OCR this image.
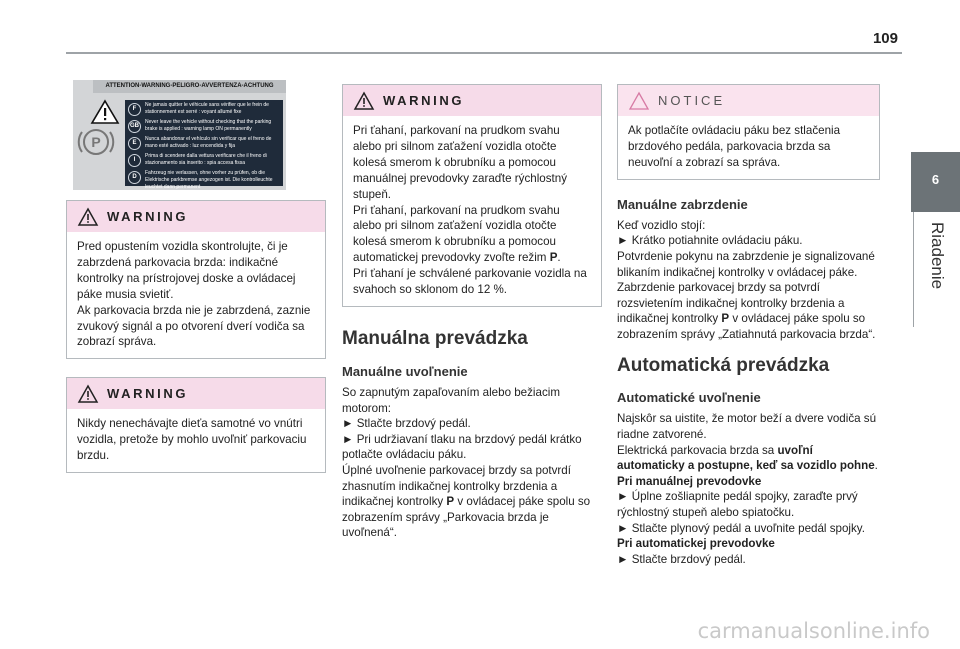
109
6
Riadenie
ATTENTION-WARNING-PELIGRO-AVVERTENZA-ACHTUNG
P
F
Ne jamais quitter le véhicule sans vérifier que le frein de stationnement est serré : voyant allumé fixe
GB
Never leave the vehicle without checking that the parking brake is applied : warning lamp ON permanently
E
Nunca abandonar el vehículo sin verificar que el freno de mano esté activado : luz encendida y fija
I
Prima di scendere dalla vettura verificare che il freno di stazionamento sia inserito : spia accesa fissa
D
Fahrzeug nie verlassen, ohne vorher zu prüfen, ob die Elektrische parkbremse angezogen ist. Die kontrolleuchte leuchtet dann permanent
WARNING

Pred opustením vozidla skontrolujte, či je zabrzdená parkovacia brzda: indikačné kontrolky na prístrojovej doske a ovládacej páke musia svietiť.

Ak parkovacia brzda nie je zabrzdená, zaznie zvukový signál a po otvorení dverí vodiča sa zobrazí správa.

WARNING

Nikdy nenechávajte dieťa samotné vo vnútri vozidla, pretože by mohlo uvoľniť parkovaciu brzdu.

WARNING

Pri ťahaní, parkovaní na prudkom svahu alebo pri silnom zaťažení vozidla otočte kolesá smerom k obrubníku a pomocou manuálnej prevodovky zaraďte rýchlostný stupeň.

Pri ťahaní, parkovaní na prudkom svahu alebo pri silnom zaťažení vozidla otočte kolesá smerom k obrubníku a pomocou automatickej prevodovky zvoľte režim P.

Pri ťahaní je schválené parkovanie vozidla na svahoch so sklonom do 12 %.

Manuálna prevádzka
Manuálne uvoľnenie

So zapnutým zapaľovaním alebo bežiacim motorom:

► Stlačte brzdový pedál.

► Pri udržiavaní tlaku na brzdový pedál krátko potlačte ovládaciu páku.

Úplné uvoľnenie parkovacej brzdy sa potvrdí zhasnutím indikačnej kontrolky brzdenia a indikačnej kontrolky P v ovládacej páke spolu so zobrazením správy „Parkovacia brzda je uvoľnená“.

NOTICE

Ak potlačíte ovládaciu páku bez stlačenia brzdového pedála, parkovacia brzda sa neuvoľní a zobrazí sa správa.

Manuálne zabrzdenie

Keď vozidlo stojí:

► Krátko potiahnite ovládaciu páku.

Potvrdenie pokynu na zabrzdenie je signalizované blikaním indikačnej kontrolky v ovládacej páke.

Zabrzdenie parkovacej brzdy sa potvrdí rozsvietením indikačnej kontrolky brzdenia a indikačnej kontrolky P v ovládacej páke spolu so zobrazením správy „Zatiahnutá parkovacia brzda“.

Automatická prevádzka
Automatické uvoľnenie

Najskôr sa uistite, že motor beží a dvere vodiča sú riadne zatvorené.

Elektrická parkovacia brzda sa uvoľní automaticky a postupne, keď sa vozidlo pohne.

Pri manuálnej prevodovke

► Úplne zošliapnite pedál spojky, zaraďte prvý rýchlostný stupeň alebo spiatočku.

► Stlačte plynový pedál a uvoľnite pedál spojky.

Pri automatickej prevodovke

► Stlačte brzdový pedál.

carmanualsonline.info
